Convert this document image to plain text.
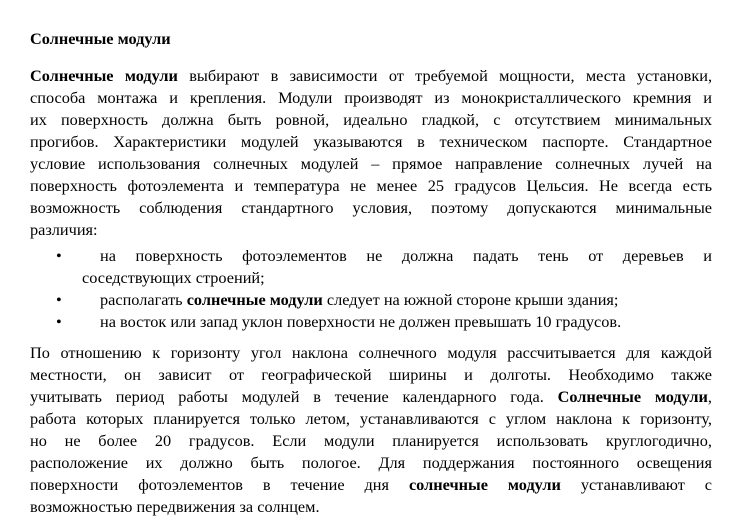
Солнечные модули
Солнечные модули выбирают в зависимости от требуемой мощности, места установки,
способа монтажа и крепления. Модули производят из монокристаллического кремния и
их поверхность должна быть ровной, идеально гладкой, с отсутствием минимальных
прогибов. Характеристики модулей указываются в техническом паспорте. Стандартное
условие использования солнечных модулей – прямое направление солнечных лучей на
поверхность фотоэлемента и температура не менее 25 градусов Цельсия. Не всегда есть
возможность соблюдения стандартного условия, поэтому допускаются минимальные
различия:
•	на поверхность фотоэлементов не должна падать тень от деревьев и
соседствующих строений;
•	располагать солнечные модули следует на южной стороне крыши здания;
•	на восток или запад уклон поверхности не должен превышать 10 градусов.
По отношению к горизонту угол наклона солнечного модуля рассчитывается для каждой
местности, он зависит от географической ширины и долготы. Необходимо также
учитывать период работы модулей в течение календарного года. Солнечные модули,
работа которых планируется только летом, устанавливаются с углом наклона к горизонту,
но не более 20 градусов. Если модули планируется использовать круглогодично,
расположение их должно быть пологое. Для поддержания постоянного освещения
поверхности фотоэлементов в течение дня солнечные модули устанавливают с
возможностью передвижения за солнцем.
